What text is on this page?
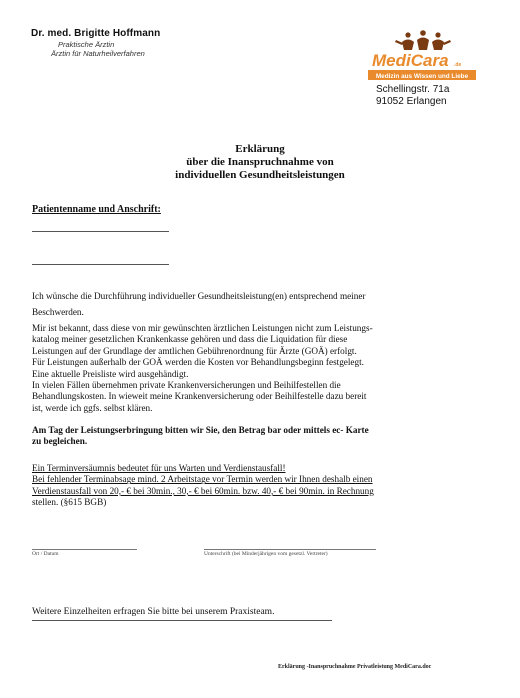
Dr. med. Brigitte Hoffmann

Praktische Ärztin

Ärztin für Naturheilverfahren	MediCara .de
Medizin aus Wissen und Liebe

Schellingstr. 71a

91052 Erlangen

Erklärung

über die Inanspruchnahme von

individuellen Gesundheitsleistungen

Patientenname und Anschrift:

Ich wünsche die Durchführung individueller Gesundheitsleistung(en) entsprechend meiner

Beschwerden.

Mir ist bekannt, dass diese von mir gewünschten ärztlichen Leistungen nicht zum Leistungs-
katalog meiner gesetzlichen Krankenkasse gehören und dass die Liquidation für diese
Leistungen auf der Grundlage der amtlichen Gebührenordnung für Ärzte (GOÄ) erfolgt.
Für Leistungen außerhalb der GOÄ werden die Kosten vor Behandlungsbeginn festgelegt.
Eine aktuelle Preisliste wird ausgehändigt.
In vielen Fällen übernehmen private Krankenversicherungen und Beihilfestellen die
Behandlungskosten. In wieweit meine Krankenversicherung oder Beihilfestelle dazu bereit
ist, werde ich ggfs. selbst klären.
Am Tag der Leistungserbringung bitten wir Sie, den Betrag bar oder mittels ec- Karte
zu begleichen.
Ein Terminversäumnis bedeutet für uns Warten und Verdienstausfall!
Bei fehlender Terminabsage mind. 2 Arbeitstage vor Termin werden wir Ihnen deshalb einen
Verdienstausfall von 20,- € bei 30min., 30,- € bei 60min. bzw. 40,- € bei 90min. in Rechnung
stellen. (§615 BGB)

Ort / Datum	Unterschrift (bei Minderjährigen vom gesetzl. Vertreter)

Weitere Einzelheiten erfragen Sie bitte bei unserem Praxisteam.

Erklärung -Inanspruchnahme Privatleistung MediCara.doc
